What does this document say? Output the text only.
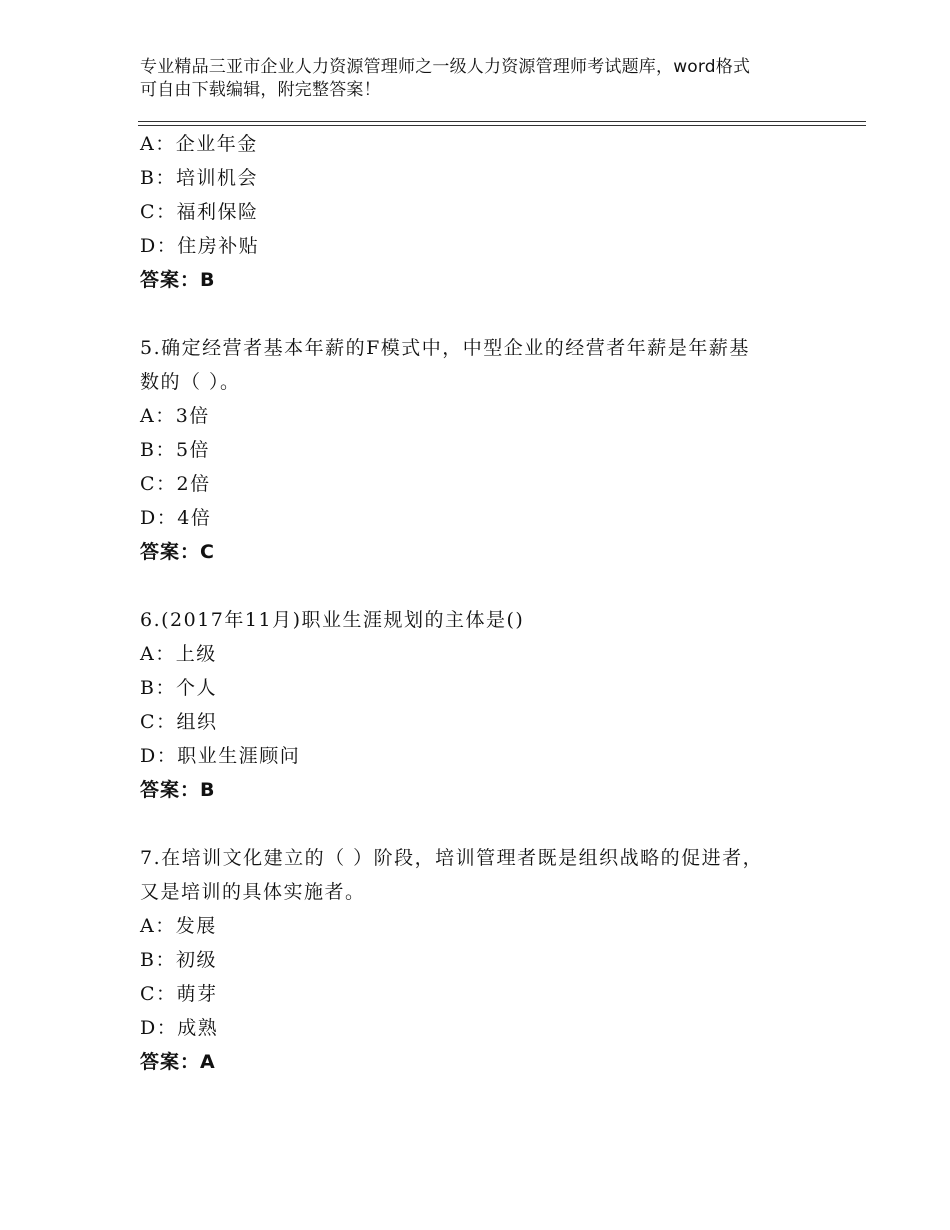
专业精品三亚市企业人力资源管理师之一级人力资源管理师考试题库，word格式
可自由下载编辑，附完整答案！
A：企业年金
B：培训机会
C：福利保险
D：住房补贴
答案：B
5.确定经营者基本年薪的F模式中，中型企业的经营者年薪是年薪基
数的（ ）。
A：3倍
B：5倍
C：2倍
D：4倍
答案：C
6.(2017年11月)职业生涯规划的主体是()
A：上级
B：个人
C：组织
D：职业生涯顾问
答案：B
7.在培训文化建立的（ ）阶段，培训管理者既是组织战略的促进者，
又是培训的具体实施者。
A：发展
B：初级
C：萌芽
D：成熟
答案：A
